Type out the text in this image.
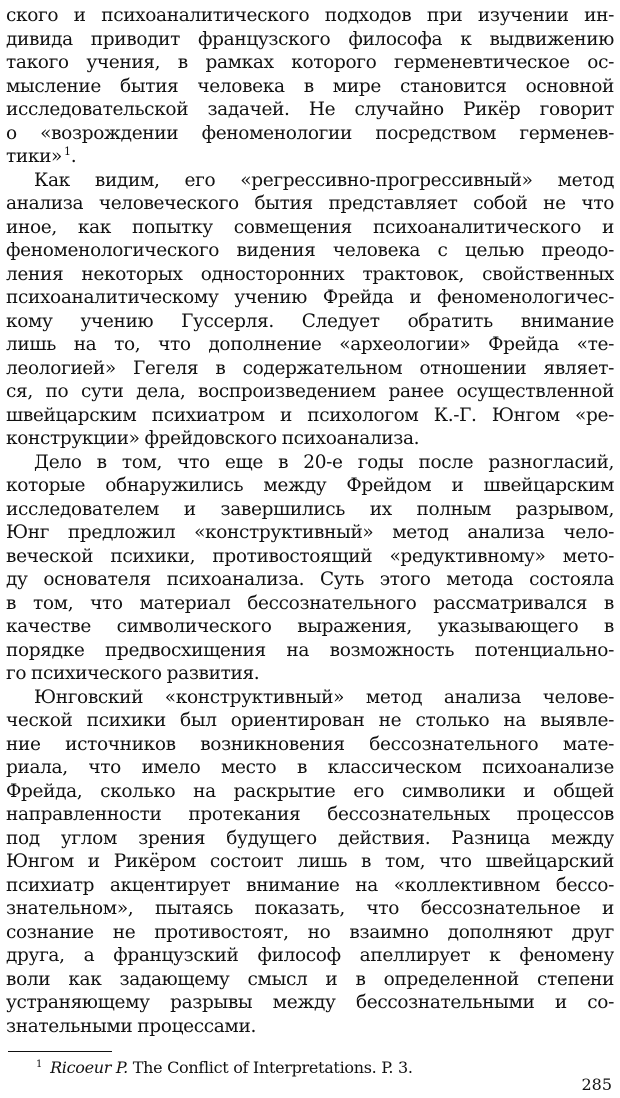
ского и психоаналитического подходов при изучении ин-
дивида приводит французского философа к выдвижению
такого учения, в рамках которого герменевтическое ос-
мысление бытия человека в мире становится основной
исследовательской задачей. Не случайно Рикёр говорит
о «возрождении феноменологии посредством герменев-
тики» $^1$.
Как видим, его «регрессивно-прогрессивный» метод
анализа человеческого бытия представляет собой не что
иное, как попытку совмещения психоаналитического и
феноменологического видения человека с целью преодо-
ления некоторых односторонних трактовок, свойственных
психоаналитическому учению Фрейда и феноменологичес-
кому учению Гуссерля. Следует обратить внимание
лишь на то, что дополнение «археологии» Фрейда «те-
леологией» Гегеля в содержательном отношении являет-
ся, по сути дела, воспроизведением ранее осуществленной
швейцарским психиатром и психологом К.-Г. Юнгом «ре-
конструкции» фрейдовского психоанализа.
Дело в том, что еще в 20-е годы после разногласий,
которые обнаружились между Фрейдом и швейцарским
исследователем и завершились их полным разрывом,
Юнг предложил «конструктивный» метод анализа чело-
веческой психики, противостоящий «редуктивному» мето-
ду основателя психоанализа. Суть этого метода состояла
в том, что материал бессознательного рассматривался в
качестве символического выражения, указывающего в
порядке предвосхищения на возможность потенциально-
го психического развития.
Юнговский «конструктивный» метод анализа челове-
ческой психики был ориентирован не столько на выявле-
ние источников возникновения бессознательного мате-
риала, что имело место в классическом психоанализе
Фрейда, сколько на раскрытие его символики и общей
направленности протекания бессознательных процессов
под углом зрения будущего действия. Разница между
Юнгом и Рикёром состоит лишь в том, что швейцарский
психиатр акцентирует внимание на «коллективном бессо-
знательном», пытаясь показать, что бессознательное и
сознание не противостоят, но взаимно дополняют друг
друга, а французский философ апеллирует к феномену
воли как задающему смысл и в определенной степени
устраняющему разрывы между бессознательными и со-
знательными процессами.
$^1$ Ricoeur P. The Conflict of Interpretations. P. 3.
285
